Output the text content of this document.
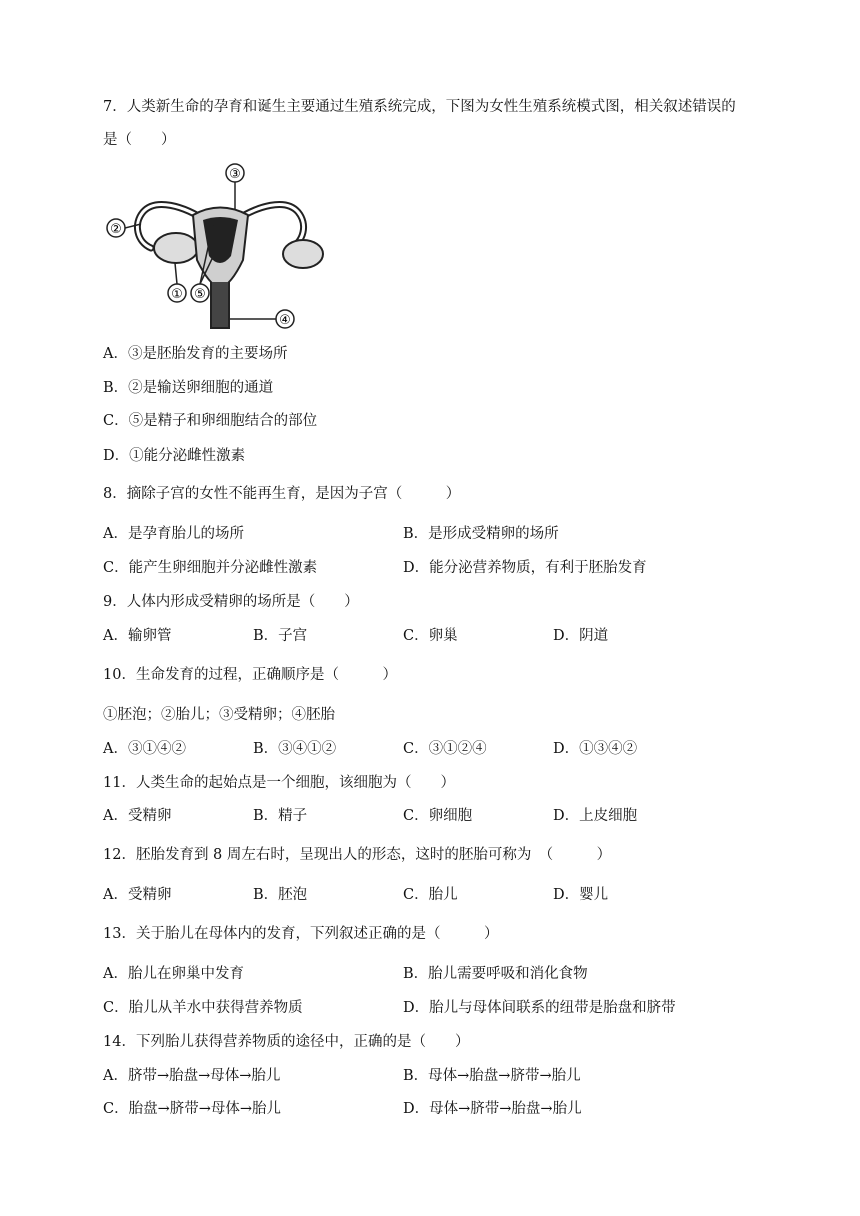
7．人类新生命的孕育和诞生主要通过生殖系统完成，下图为女性生殖系统模式图，相关叙述错误的
是（　　）
③
②
① ⑤
④
A．③是胚胎发育的主要场所
B．②是输送卵细胞的通道
C．⑤是精子和卵细胞结合的部位
D．①能分泌雌性激素
8．摘除子宫的女性不能再生育，是因为子宫（　　　）
A．是孕育胎儿的场所	B．是形成受精卵的场所
C．能产生卵细胞并分泌雌性激素	D．能分泌营养物质，有利于胚胎发育
9．人体内形成受精卵的场所是（　　）
A．输卵管	B．子宫	C．卵巢	D．阴道
10．生命发育的过程，正确顺序是（　　　）
①胚泡；②胎儿；③受精卵；④胚胎
A．③①④②	B．③④①②	C．③①②④	D．①③④②
11．人类生命的起始点是一个细胞，该细胞为（　　）
A．受精卵	B．精子	C．卵细胞	D．上皮细胞
12．胚胎发育到 8 周左右时，呈现出人的形态，这时的胚胎可称为　（　　　）
A．受精卵	B．胚泡	C．胎儿	D．婴儿
13．关于胎儿在母体内的发育，下列叙述正确的是（　　　）
A．胎儿在卵巢中发育	B．胎儿需要呼吸和消化食物
C．胎儿从羊水中获得营养物质	D．胎儿与母体间联系的纽带是胎盘和脐带
14．下列胎儿获得营养物质的途径中，正确的是（　　）
A．脐带→胎盘→母体→胎儿	B．母体→胎盘→脐带→胎儿
C．胎盘→脐带→母体→胎儿	D．母体→脐带→胎盘→胎儿
